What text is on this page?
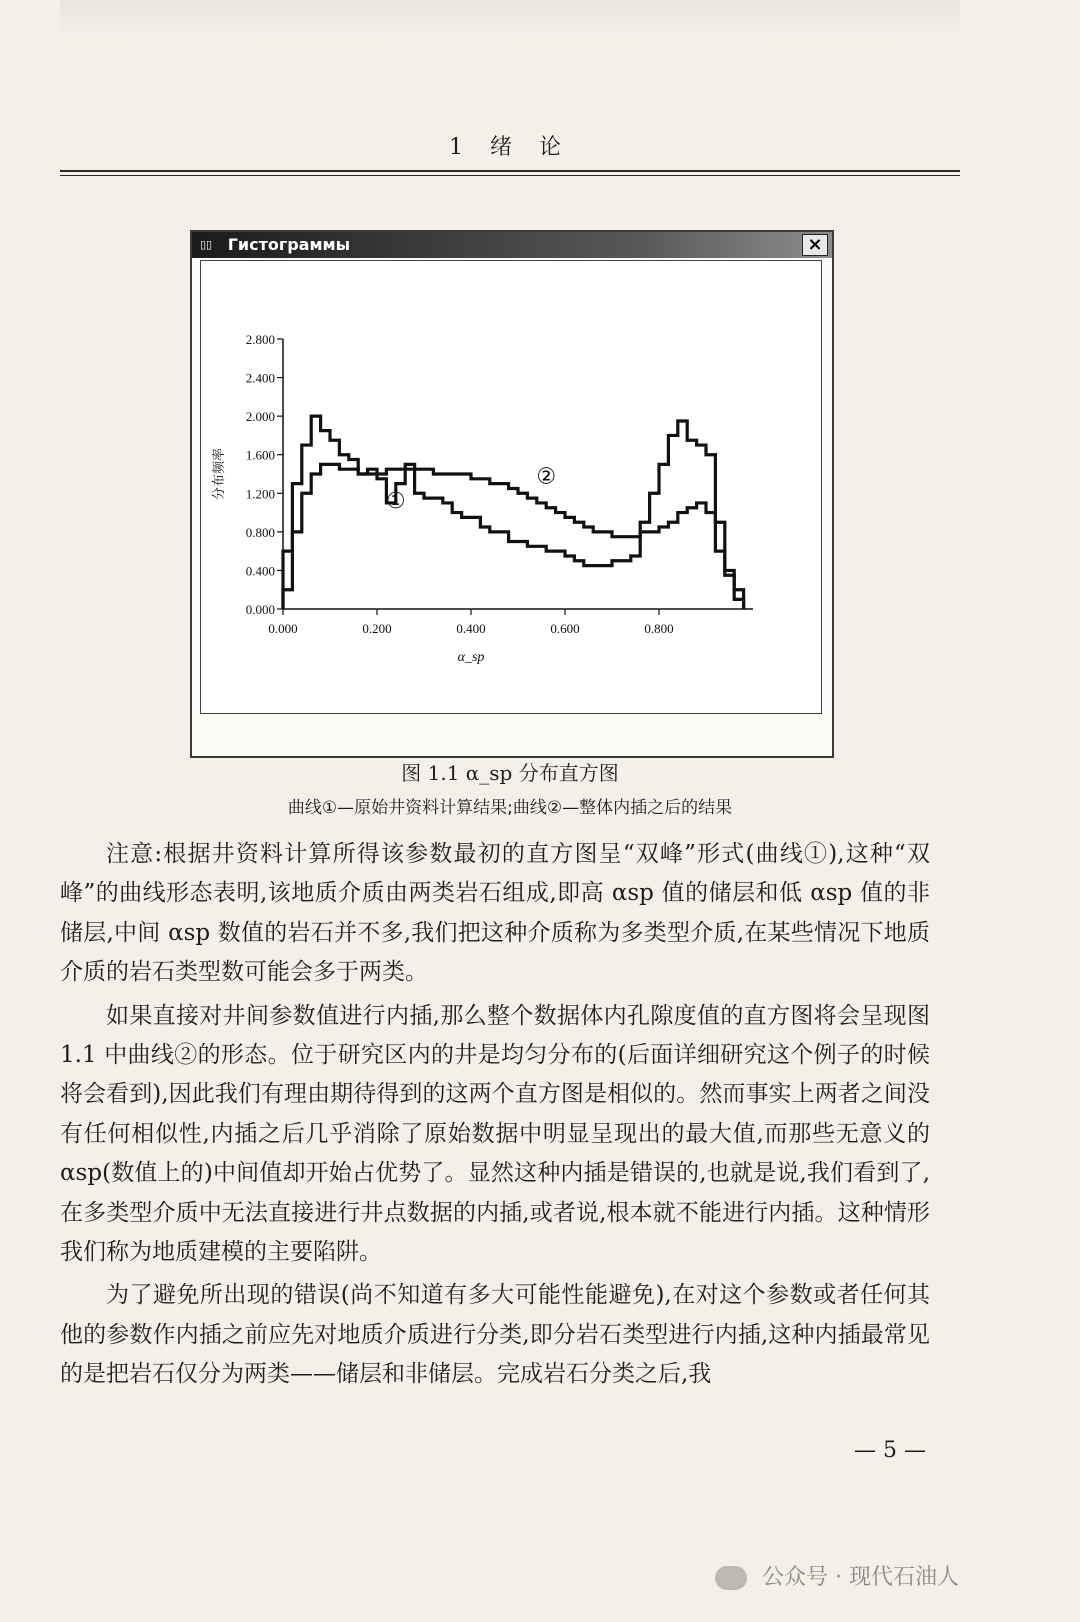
1 绪 论
▯▯ Гистограммы	×
0.000
0.400
0.800
1.200
1.600
2.000
2.400
2.800
0.000	0.200	0.400	0.600	0.800
α_sp
分布频率
①
②
图 1.1 α_sp 分布直方图
曲线①—原始井资料计算结果;曲线②—整体内插之后的结果

注意:根据井资料计算所得该参数最初的直方图呈“双峰”形式(曲线①),这种“双峰”的曲线形态表明,该地质介质由两类岩石组成,即高 αsp 值的储层和低 αsp 值的非储层,中间 αsp 数值的岩石并不多,我们把这种介质称为多类型介质,在某些情况下地质介质的岩石类型数可能会多于两类。

如果直接对井间参数值进行内插,那么整个数据体内孔隙度值的直方图将会呈现图 1.1 中曲线②的形态。位于研究区内的井是均匀分布的(后面详细研究这个例子的时候将会看到),因此我们有理由期待得到的这两个直方图是相似的。然而事实上两者之间没有任何相似性,内插之后几乎消除了原始数据中明显呈现出的最大值,而那些无意义的 αsp(数值上的)中间值却开始占优势了。显然这种内插是错误的,也就是说,我们看到了,在多类型介质中无法直接进行井点数据的内插,或者说,根本就不能进行内插。这种情形我们称为地质建模的主要陷阱。

为了避免所出现的错误(尚不知道有多大可能性能避免),在对这个参数或者任何其他的参数作内插之前应先对地质介质进行分类,即分岩石类型进行内插,这种内插最常见的是把岩石仅分为两类——储层和非储层。完成岩石分类之后,我

— 5 —
公众号 · 现代石油人
